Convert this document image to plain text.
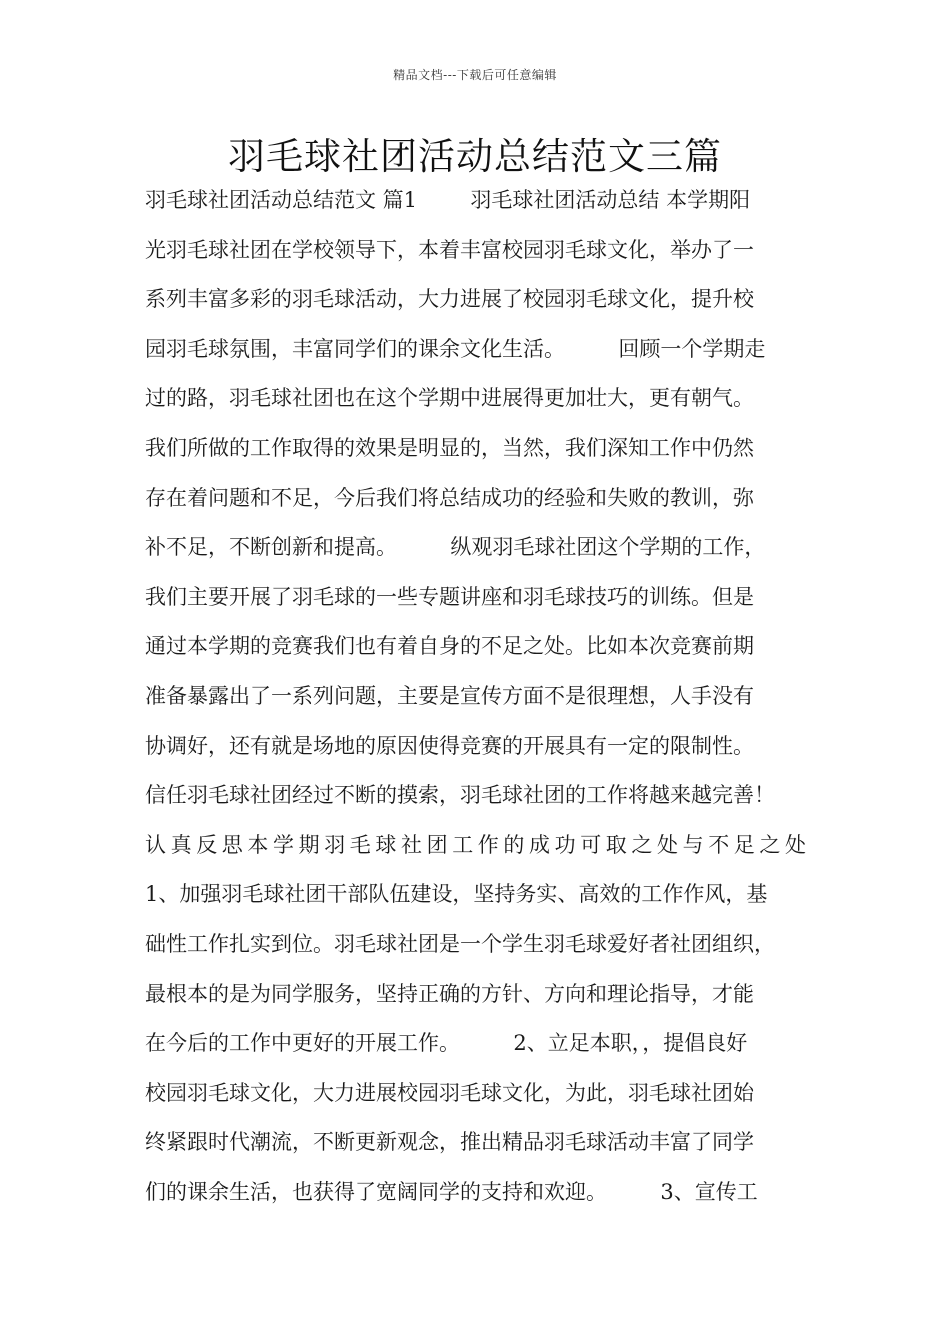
精品文档---下载后可任意编辑
羽毛球社团活动总结范文三篇
羽毛球社团活动总结范文 篇1        羽毛球社团活动总结 本学期阳
光羽毛球社团在学校领导下，本着丰富校园羽毛球文化，举办了一
系列丰富多彩的羽毛球活动，大力进展了校园羽毛球文化，提升校
园羽毛球氛围，丰富同学们的课余文化生活。        回顾一个学期走
过的路，羽毛球社团也在这个学期中进展得更加壮大，更有朝气。
我们所做的工作取得的效果是明显的，当然，我们深知工作中仍然
存在着问题和不足，今后我们将总结成功的经验和失败的教训，弥
补不足，不断创新和提高。        纵观羽毛球社团这个学期的工作，
我们主要开展了羽毛球的一些专题讲座和羽毛球技巧的训练。但是
通过本学期的竞赛我们也有着自身的不足之处。比如本次竞赛前期
准备暴露出了一系列问题，主要是宣传方面不是很理想，人手没有
协调好，还有就是场地的原因使得竞赛的开展具有一定的限制性。
信任羽毛球社团经过不断的摸索，羽毛球社团的工作将越来越完善！
认真反思本学期羽毛球社团工作的成功可取之处与不足之处
1、加强羽毛球社团干部队伍建设，坚持务实、高效的工作作风，基
础性工作扎实到位。羽毛球社团是一个学生羽毛球爱好者社团组织，
最根本的是为同学服务，坚持正确的方针、方向和理论指导，才能
在今后的工作中更好的开展工作。        2、立足本职，，提倡良好
校园羽毛球文化，大力进展校园羽毛球文化，为此，羽毛球社团始
终紧跟时代潮流，不断更新观念，推出精品羽毛球活动丰富了同学
们的课余生活，也获得了宽阔同学的支持和欢迎。        3、宣传工
